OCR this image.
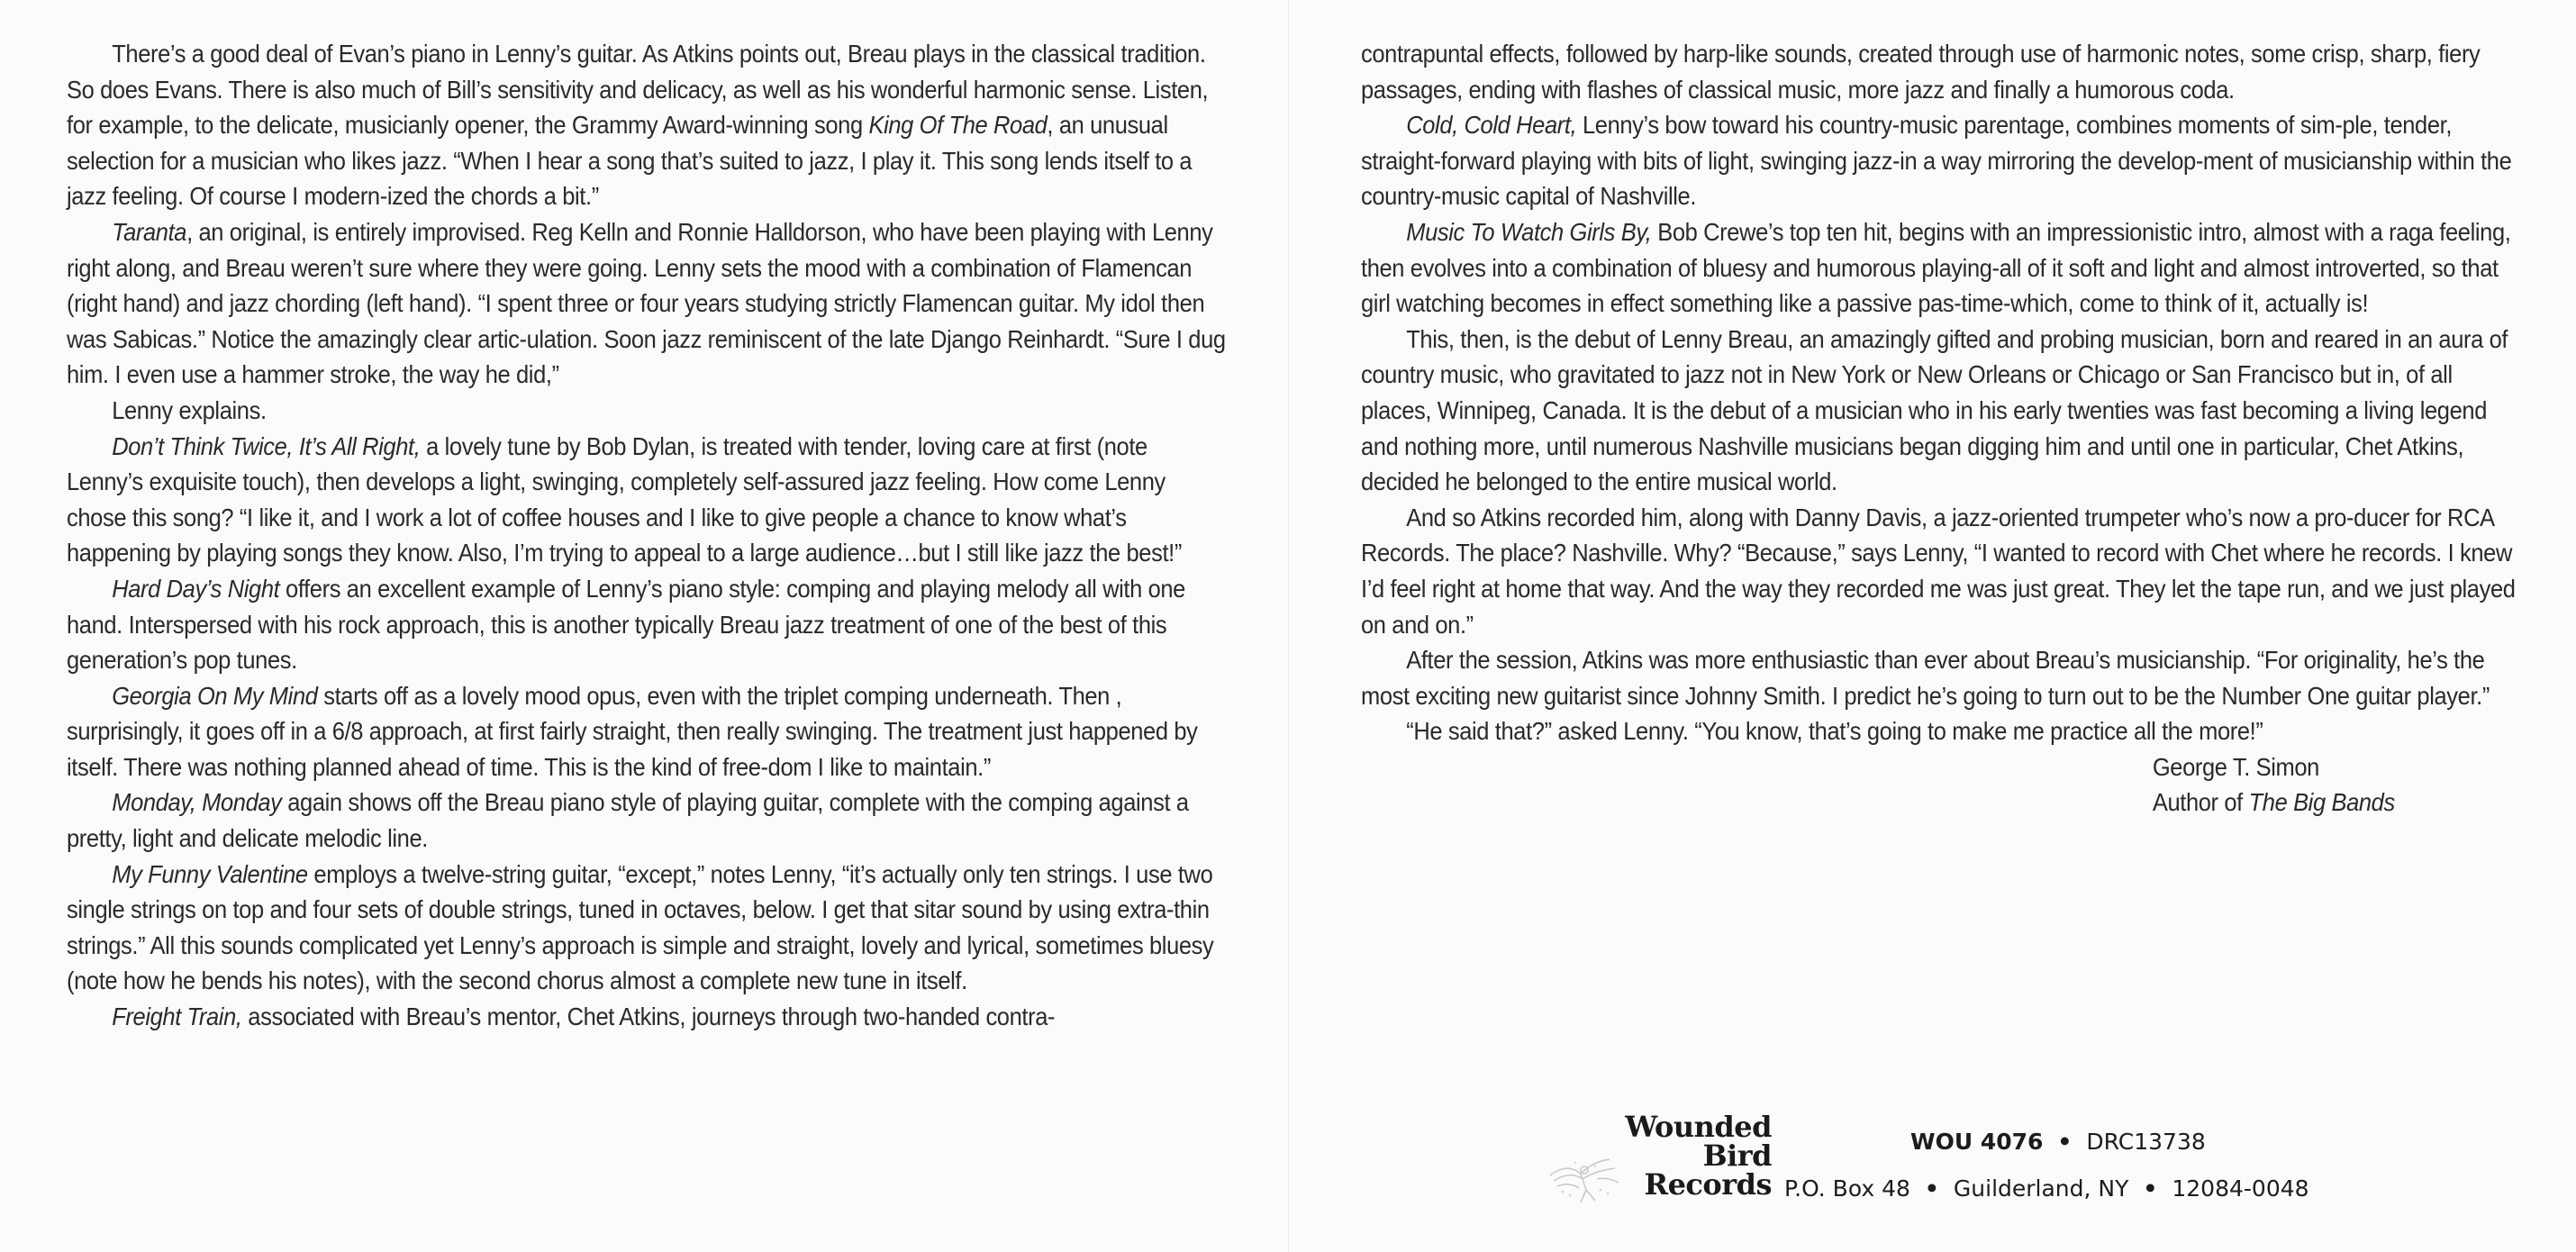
There’s a good deal of Evan’s piano in Lenny’s guitar. As Atkins points out, Breau plays in the classical tradition. So does Evans. There is also much of Bill’s sensitivity and delicacy, as well as his wonderful harmonic sense. Listen, for example, to the delicate, musicianly opener, the Grammy Award-winning song King Of The Road, an unusual selection for a musician who likes jazz. “When I hear a song that’s suited to jazz, I play it. This song lends itself to a jazz feeling. Of course I modern-ized the chords a bit.”

Taranta, an original, is entirely improvised. Reg Kelln and Ronnie Halldorson, who have been playing with Lenny right along, and Breau weren’t sure where they were going. Lenny sets the mood with a combination of Flamencan (right hand) and jazz chording (left hand). “I spent three or four years studying strictly Flamencan guitar. My idol then was Sabicas.” Notice the amazingly clear artic-ulation. Soon jazz reminiscent of the late Django Reinhardt. “Sure I dug him. I even use a hammer stroke, the way he did,”

Lenny explains.

Don’t Think Twice, It’s All Right, a lovely tune by Bob Dylan, is treated with tender, loving care at first (note Lenny’s exquisite touch), then develops a light, swinging, completely self-assured jazz feeling. How come Lenny chose this song? “I like it, and I work a lot of coffee houses and I like to give people a chance to know what’s happening by playing songs they know. Also, I’m trying to appeal to a large audience…but I still like jazz the best!”

Hard Day’s Night offers an excellent example of Lenny’s piano style: comping and playing melody all with one hand. Interspersed with his rock approach, this is another typically Breau jazz treatment of one of the best of this generation’s pop tunes.

Georgia On My Mind starts off as a lovely mood opus, even with the triplet comping underneath. Then , surprisingly, it goes off in a 6/8 approach, at first fairly straight, then really swinging. The treatment just happened by itself. There was nothing planned ahead of time. This is the kind of free-dom I like to maintain.”

Monday, Monday again shows off the Breau piano style of playing guitar, complete with the comping against a pretty, light and delicate melodic line.

My Funny Valentine employs a twelve-string guitar, “except,” notes Lenny, “it’s actually only ten strings. I use two single strings on top and four sets of double strings, tuned in octaves, below. I get that sitar sound by using extra-thin strings.” All this sounds complicated yet Lenny’s approach is simple and straight, lovely and lyrical, sometimes bluesy (note how he bends his notes), with the second chorus almost a complete new tune in itself.

Freight Train, associated with Breau’s mentor, Chet Atkins, journeys through two-handed contra-

contrapuntal effects, followed by harp-like sounds, created through use of harmonic notes, some crisp, sharp, fiery passages, ending with flashes of classical music, more jazz and finally a humorous coda.

Cold, Cold Heart, Lenny’s bow toward his country-music parentage, combines moments of sim-ple, tender, straight-forward playing with bits of light, swinging jazz-in a way mirroring the develop-ment of musicianship within the country-music capital of Nashville.

Music To Watch Girls By, Bob Crewe’s top ten hit, begins with an impressionistic intro, almost with a raga feeling, then evolves into a combination of bluesy and humorous playing-all of it soft and light and almost introverted, so that girl watching becomes in effect something like a passive pas-time-which, come to think of it, actually is!

This, then, is the debut of Lenny Breau, an amazingly gifted and probing musician, born and reared in an aura of country music, who gravitated to jazz not in New York or New Orleans or Chicago or San Francisco but in, of all places, Winnipeg, Canada. It is the debut of a musician who in his early twenties was fast becoming a living legend and nothing more, until numerous Nashville musicians began digging him and until one in particular, Chet Atkins, decided he belonged to the entire musical world.

And so Atkins recorded him, along with Danny Davis, a jazz-oriented trumpeter who’s now a pro-ducer for RCA Records. The place? Nashville. Why? “Because,” says Lenny, “I wanted to record with Chet where he records. I knew I’d feel right at home that way. And the way they recorded me was just great. They let the tape run, and we just played on and on.”

After the session, Atkins was more enthusiastic than ever about Breau’s musicianship. “For originality, he’s the most exciting new guitarist since Johnny Smith. I predict he’s going to turn out to be the Number One guitar player.”

“He said that?” asked Lenny. “You know, that’s going to make me practice all the more!”

George T. Simon
Author of The Big Bands
Wounded
Bird
Records
WOU 4076 • DRC13738
P.O. Box 48 • Guilderland, NY • 12084-0048
